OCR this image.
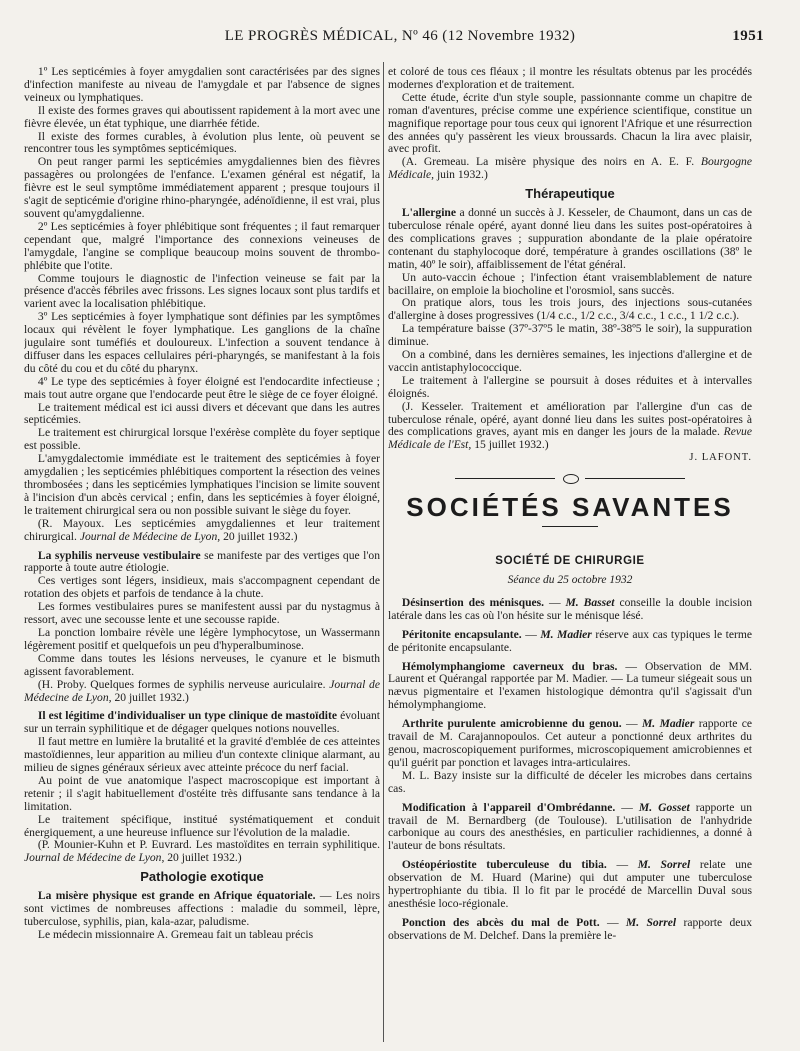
LE PROGRÈS MÉDICAL, Nº 46 (12 Novembre 1932)	1951

1º Les septicémies à foyer amygdalien sont caractérisées par des signes d'infection manifeste au niveau de l'amygdale et par l'absence de signes veineux ou lymphatiques.

Il existe des formes graves qui aboutissent rapidement à la mort avec une fièvre élevée, un état typhique, une diarrhée fétide.

Il existe des formes curables, à évolution plus lente, où peuvent se rencontrer tous les symptômes septicémiques.

On peut ranger parmi les septicémies amygdaliennes bien des fièvres passagères ou prolongées de l'enfance. L'examen général est négatif, la fièvre est le seul symptôme immédiatement apparent ; presque toujours il s'agit de septicémie d'origine rhino-pharyngée, adénoïdienne, il est vrai, plus souvent qu'amygdalienne.

2º Les septicémies à foyer phlébitique sont fréquentes ; il faut remarquer cependant que, malgré l'importance des connexions veineuses de l'amygdale, l'angine se complique beaucoup moins souvent de thrombo-phlébite que l'otite.

Comme toujours le diagnostic de l'infection veineuse se fait par la présence d'accès fébriles avec frissons. Les signes locaux sont plus tardifs et varient avec la localisation phlébitique.

3º Les septicémies à foyer lymphatique sont définies par les symptômes locaux qui révèlent le foyer lymphatique. Les ganglions de la chaîne jugulaire sont tuméfiés et douloureux. L'infection a souvent tendance à diffuser dans les espaces cellulaires péri-pharyngés, se manifestant à la fois du côté du cou et du côté du pharynx.

4º Le type des septicémies à foyer éloigné est l'endocardite infectieuse ; mais tout autre organe que l'endocarde peut être le siège de ce foyer éloigné.

Le traitement médical est ici aussi divers et décevant que dans les autres septicémies.

Le traitement est chirurgical lorsque l'exérèse complète du foyer septique est possible.

L'amygdalectomie immédiate est le traitement des septicémies à foyer amygdalien ; les septicémies phlébitiques comportent la résection des veines thrombosées ; dans les septicémies lymphatiques l'incision se limite souvent à l'incision d'un abcès cervical ; enfin, dans les septicémies à foyer éloigné, le traitement chirurgical sera ou non possible suivant le siège du foyer.

(R. Mayoux. Les septicémies amygdaliennes et leur traitement chirurgical. Journal de Médecine de Lyon, 20 juillet 1932.)

La syphilis nerveuse vestibulaire se manifeste par des vertiges que l'on rapporte à toute autre étiologie.

Ces vertiges sont légers, insidieux, mais s'accompagnent cependant de rotation des objets et parfois de tendance à la chute.

Les formes vestibulaires pures se manifestent aussi par du nystagmus à ressort, avec une secousse lente et une secousse rapide.

La ponction lombaire révèle une légère lymphocytose, un Wassermann légèrement positif et quelquefois un peu d'hyperalbuminose.

Comme dans toutes les lésions nerveuses, le cyanure et le bismuth agissent favorablement.

(H. Proby. Quelques formes de syphilis nerveuse auriculaire. Journal de Médecine de Lyon, 20 juillet 1932.)

Il est légitime d'individualiser un type clinique de mastoïdite évoluant sur un terrain syphilitique et de dégager quelques notions nouvelles.

Il faut mettre en lumière la brutalité et la gravité d'emblée de ces atteintes mastoïdiennes, leur apparition au milieu d'un contexte clinique alarmant, au milieu de signes généraux sérieux avec atteinte précoce du nerf facial.

Au point de vue anatomique l'aspect macroscopique est important à retenir ; il s'agit habituellement d'ostéite très diffusante sans tendance à la limitation.

Le traitement spécifique, institué systématiquement et conduit énergiquement, a une heureuse influence sur l'évolution de la maladie.

(P. Mounier-Kuhn et P. Euvrard. Les mastoïdites en terrain syphilitique. Journal de Médecine de Lyon, 20 juillet 1932.)

Pathologie exotique

La misère physique est grande en Afrique équatoriale. — Les noirs sont victimes de nombreuses affections : maladie du sommeil, lèpre, tuberculose, syphilis, pian, kala-azar, paludisme.

Le médecin missionnaire A. Gremeau fait un tableau précis

et coloré de tous ces fléaux ; il montre les résultats obtenus par les procédés modernes d'exploration et de traitement.

Cette étude, écrite d'un style souple, passionnante comme un chapitre de roman d'aventures, précise comme une expérience scientifique, constitue un magnifique reportage pour tous ceux qui ignorent l'Afrique et une résurrection des années qu'y passèrent les vieux broussards. Chacun la lira avec plaisir, avec profit.

(A. Gremeau. La misère physique des noirs en A. E. F. Bourgogne Médicale, juin 1932.)

Thérapeutique

L'allergine a donné un succès à J. Kesseler, de Chaumont, dans un cas de tuberculose rénale opéré, ayant donné lieu dans les suites post-opératoires à des complications graves ; suppuration abondante de la plaie opératoire contenant du staphylocoque doré, température à grandes oscillations (38º le matin, 40º le soir), affaiblissement de l'état général.

Un auto-vaccin échoue ; l'infection étant vraisemblablement de nature bacillaire, on emploie la biocholine et l'orosmiol, sans succès.

On pratique alors, tous les trois jours, des injections sous-cutanées d'allergine à doses progressives (1/4 c.c., 1/2 c.c., 3/4 c.c., 1 c.c., 1 1/2 c.c.).

La température baisse (37º-37º5 le matin, 38º-38º5 le soir), la suppuration diminue.

On a combiné, dans les dernières semaines, les injections d'allergine et de vaccin antistaphylococcique.

Le traitement à l'allergine se poursuit à doses réduites et à intervalles éloignés.

(J. Kesseler. Traitement et amélioration par l'allergine d'un cas de tuberculose rénale, opéré, ayant donné lieu dans les suites post-opératoires à des complications graves, ayant mis en danger les jours de la malade. Revue Médicale de l'Est, 15 juillet 1932.)

J. LAFONT.

SOCIÉTÉS SAVANTES
SOCIÉTÉ DE CHIRURGIE
Séance du 25 octobre 1932

Désinsertion des ménisques. — M. Basset conseille la double incision latérale dans les cas où l'on hésite sur le ménisque lésé.

Péritonite encapsulante. — M. Madier réserve aux cas typiques le terme de péritonite encapsulante.

Hémolymphangiome caverneux du bras. — Observation de MM. Laurent et Quérangal rapportée par M. Madier. — La tumeur siégeait sous un nævus pigmentaire et l'examen histologique démontra qu'il s'agissait d'un hémolymphangiome.

Arthrite purulente amicrobienne du genou. — M. Madier rapporte ce travail de M. Carajannopoulos. Cet auteur a ponctionné deux arthrites du genou, macroscopiquement puriformes, microscopiquement amicrobiennes et qu'il guérit par ponction et lavages intra-articulaires.

M. L. Bazy insiste sur la difficulté de déceler les microbes dans certains cas.

Modification à l'appareil d'Ombrédanne. — M. Gosset rapporte un travail de M. Bernardberg (de Toulouse). L'utilisation de l'anhydride carbonique au cours des anesthésies, en particulier rachidiennes, a donné à l'auteur de bons résultats.

Ostéopériostite tuberculeuse du tibia. — M. Sorrel relate une observation de M. Huard (Marine) qui dut amputer une tuberculose hypertrophiante du tibia. Il lo fit par le procédé de Marcellin Duval sous anesthésie loco-régionale.

Ponction des abcès du mal de Pott. — M. Sorrel rapporte deux observations de M. Delchef. Dans la première le-
